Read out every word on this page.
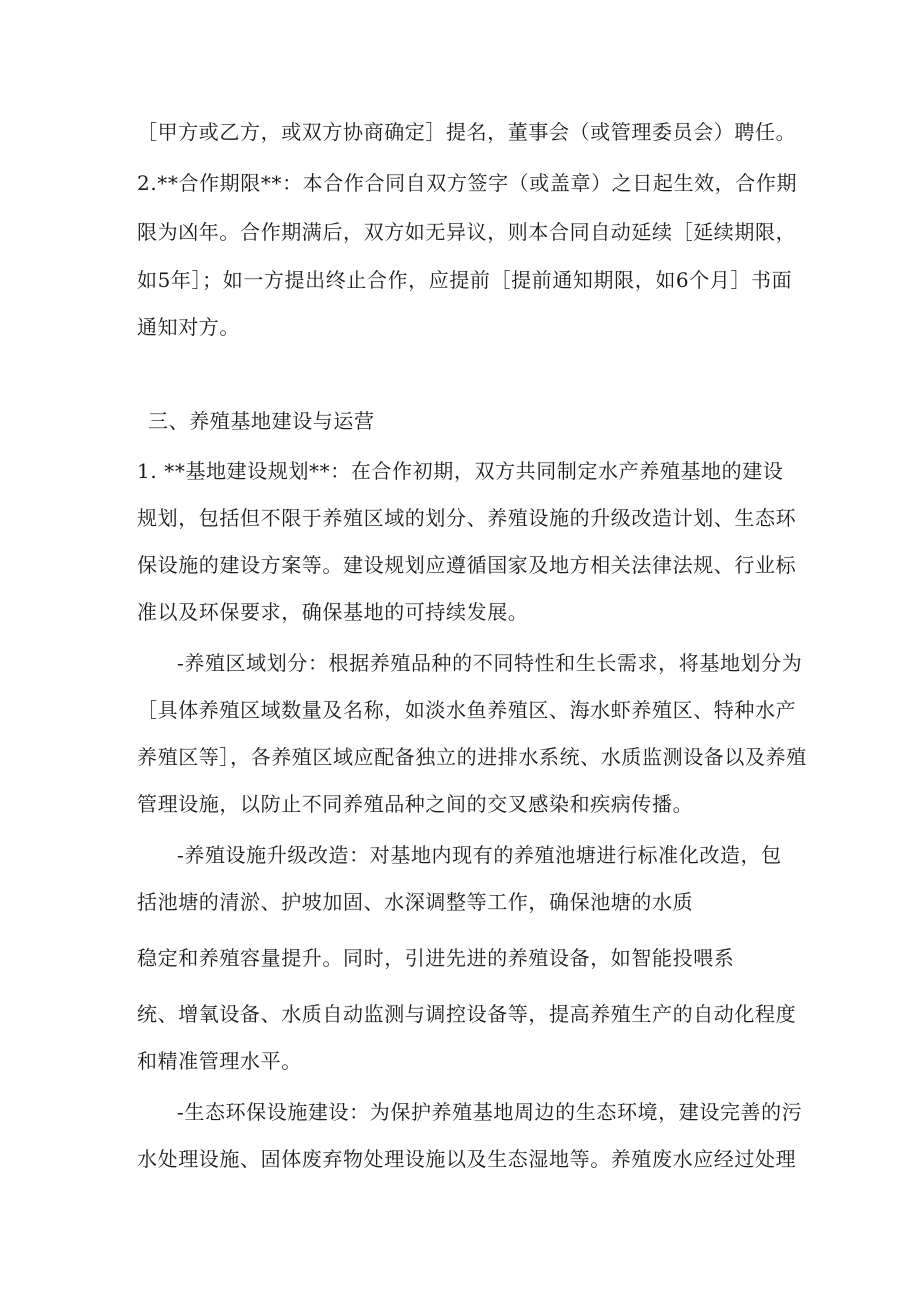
［甲方或乙方，或双方协商确定］提名，董事会（或管理委员会）聘任。
2.**合作期限**：本合作合同自双方签字（或盖章）之日起生效，合作期
限为凶年。合作期满后，双方如无异议，则本合同自动延续［延续期限，
如5年］；如一方提出终止合作，应提前［提前通知期限，如6个月］书面
通知对方。
三、养殖基地建设与运营
1. **基地建设规划**：在合作初期，双方共同制定水产养殖基地的建设
规划，包括但不限于养殖区域的划分、养殖设施的升级改造计划、生态环
保设施的建设方案等。建设规划应遵循国家及地方相关法律法规、行业标
准以及环保要求，确保基地的可持续发展。
-养殖区域划分：根据养殖品种的不同特性和生长需求，将基地划分为
［具体养殖区域数量及名称，如淡水鱼养殖区、海水虾养殖区、特种水产
养殖区等］，各养殖区域应配备独立的进排水系统、水质监测设备以及养殖
管理设施，以防止不同养殖品种之间的交叉感染和疾病传播。
-养殖设施升级改造：对基地内现有的养殖池塘进行标准化改造，包
括池塘的清淤、护坡加固、水深调整等工作，确保池塘的水质
稳定和养殖容量提升。同时，引进先进的养殖设备，如智能投喂系
统、增氧设备、水质自动监测与调控设备等，提高养殖生产的自动化程度
和精准管理水平。
-生态环保设施建设：为保护养殖基地周边的生态环境，建设完善的污
水处理设施、固体废弃物处理设施以及生态湿地等。养殖废水应经过处理
